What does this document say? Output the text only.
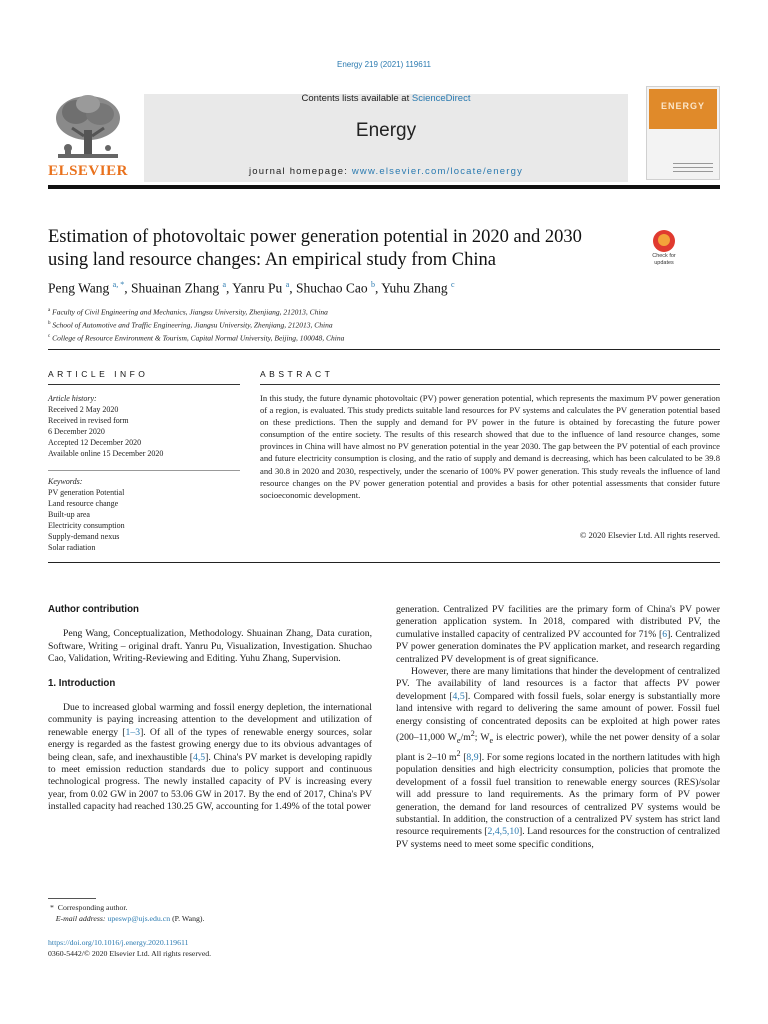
Energy 219 (2021) 119611
ELSEVIER
Contents lists available at ScienceDirect
Energy
journal homepage: www.elsevier.com/locate/energy
ENERGY
Estimation of photovoltaic power generation potential in 2020 and 2030 using land resource changes: An empirical study from China	Check for
updates
Peng Wang $^{a, *}$, Shuainan Zhang $^a$, Yanru Pu $^a$, Shuchao Cao $^b$, Yuhu Zhang $^c$
$^a$ Faculty of Civil Engineering and Mechanics, Jiangsu University, Zhenjiang, 212013, China
$^b$ School of Automotive and Traffic Engineering, Jiangsu University, Zhenjiang, 212013, China
$^c$ College of Resource Environment & Tourism, Capital Normal University, Beijing, 100048, China
ARTICLE INFO	ABSTRACT
Article history:
Received 2 May 2020
Received in revised form
6 December 2020
Accepted 12 December 2020
Available online 15 December 2020
Keywords:
PV generation Potential
Land resource change
Built-up area
Electricity consumption
Supply-demand nexus
Solar radiation
In this study, the future dynamic photovoltaic (PV) power generation potential, which represents the maximum PV power generation of a region, is evaluated. This study predicts suitable land resources for PV systems and calculates the PV generation potential based on these predictions. Then the supply and demand for PV power in the future is obtained by forecasting the future power consumption of the entire society. The results of this research showed that due to the influence of land resource changes, some provinces in China will have almost no PV generation potential in the year 2030. The gap between the PV potential of each province and future electricity consumption is closing, and the ratio of supply and demand is decreasing, which has been calculated to be 39.8 and 30.8 in 2020 and 2030, respectively, under the scenario of 100% PV power generation. This study reveals the influence of land resource changes on the PV power generation potential and provides a basis for other potential assessments that consider future socioeconomic development.
© 2020 Elsevier Ltd. All rights reserved.

Author contribution

Peng Wang, Conceptualization, Methodology. Shuainan Zhang, Data curation, Software, Writing – original draft. Yanru Pu, Visualization, Investigation. Shuchao Cao, Validation, Writing-Reviewing and Editing. Yuhu Zhang, Supervision.

1. Introduction

Due to increased global warming and fossil energy depletion, the international community is paying increasing attention to the development and utilization of renewable energy [1–3]. Of all of the types of renewable energy sources, solar energy is regarded as the fastest growing energy due to its obvious advantages of being clean, safe, and inexhaustible [4,5]. China's PV market is developing rapidly to meet emission reduction standards due to policy support and continuous technological progress. The newly installed capacity of PV is increasing every year, from 0.02 GW in 2007 to 53.06 GW in 2017. By the end of 2017, China's PV installed capacity had reached 130.25 GW, accounting for 1.49% of the total power

generation. Centralized PV facilities are the primary form of China's PV power generation application system. In 2018, compared with distributed PV, the cumulative installed capacity of centralized PV accounted for 71% [6]. Centralized PV power generation dominates the PV application market, and research regarding centralized PV development is of great significance.

However, there are many limitations that hinder the development of centralized PV. The availability of land resources is a factor that affects PV power development [4,5]. Compared with fossil fuels, solar energy is substantially more land intensive with regard to delivering the same amount of power. Fossil fuel energy consisting of concentrated deposits can be exploited at high power rates (200–11,000 $W_e/m^2$; $W_e$ is electric power), while the net power density of a solar plant is 2–10 $m^2$ [8,9]. For some regions located in the northern latitudes with high population densities and high electricity consumption, policies that promote the development of a fossil fuel transition to renewable energy sources (RES)/solar will add pressure to land requirements. As the primary form of PV power generation, the demand for land resources of centralized PV systems would be substantial. In addition, the construction of a centralized PV system has strict land resource requirements [2,4,5,10]. Land resources for the construction of centralized PV systems need to meet some specific conditions,

* Corresponding author.
E-mail address: upeswp@ujs.edu.cn (P. Wang).
https://doi.org/10.1016/j.energy.2020.119611
0360-5442/© 2020 Elsevier Ltd. All rights reserved.
